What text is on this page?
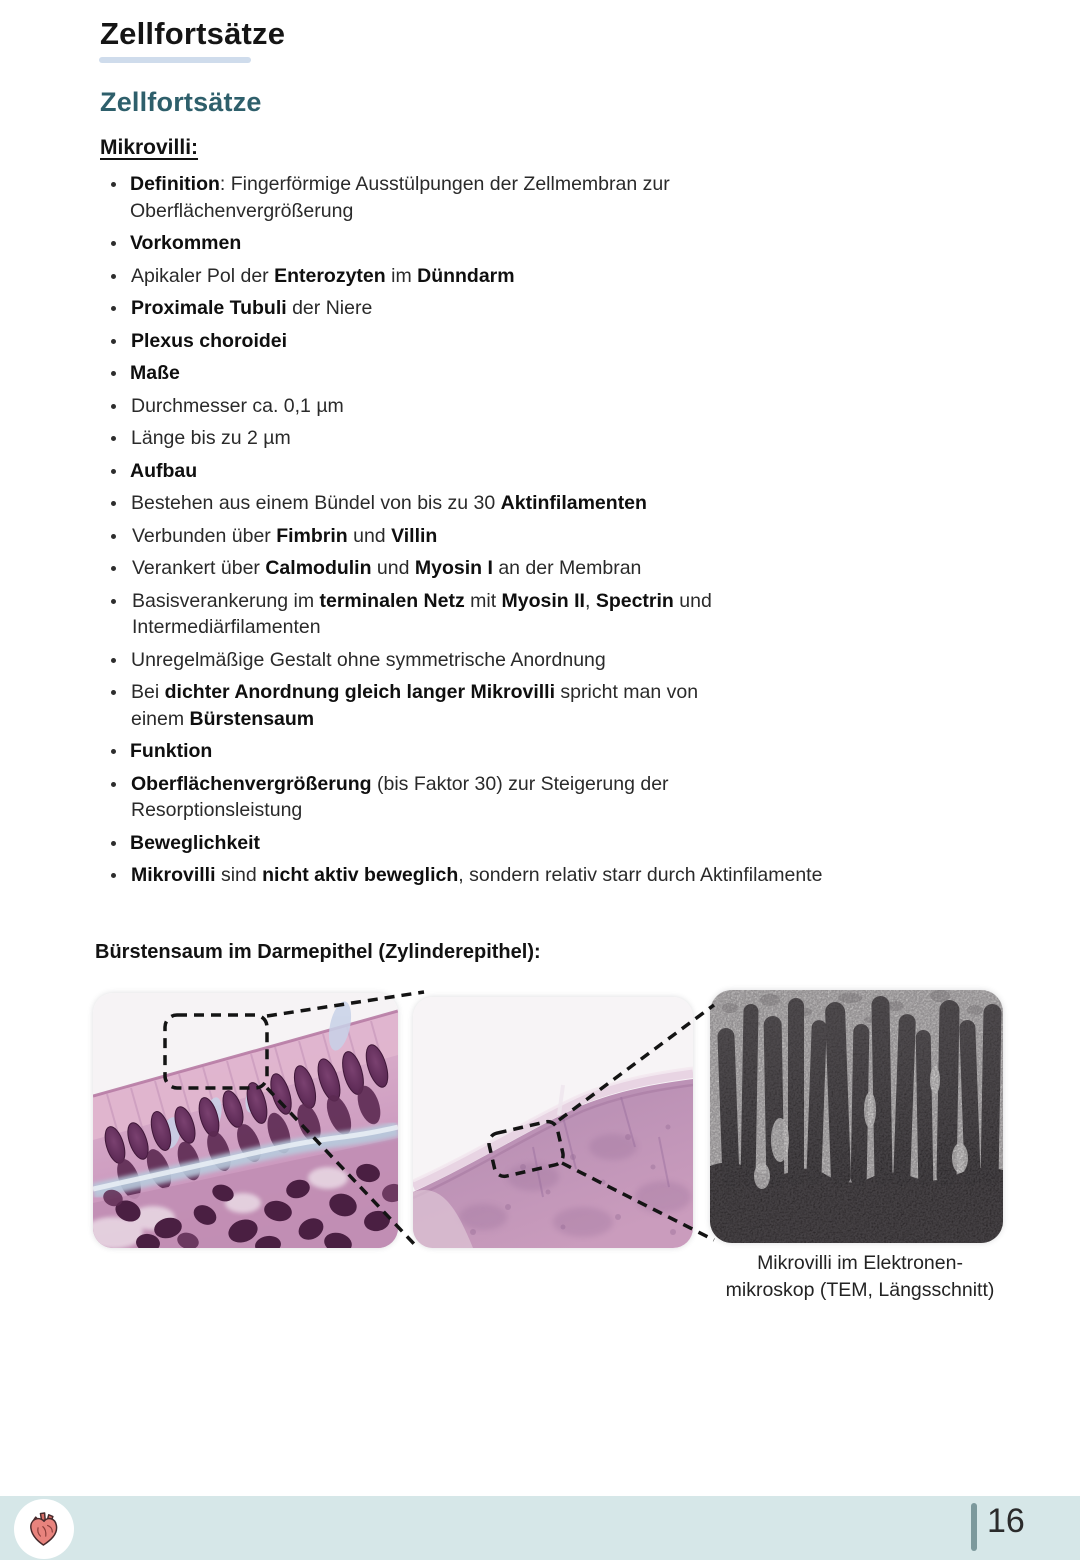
Zellfortsätze
Zellfortsätze
Mikrovilli:
Definition: Fingerförmige Ausstülpungen der Zellmembran zur
Oberflächenvergrößerung
Vorkommen
Apikaler Pol der Enterozyten im Dünndarm
Proximale Tubuli der Niere
Plexus choroidei
Maße
Durchmesser ca. 0,1 µm
Länge bis zu 2 µm
Aufbau
Bestehen aus einem Bündel von bis zu 30 Aktinfilamenten
Verbunden über Fimbrin und Villin
Verankert über Calmodulin und Myosin I an der Membran
Basisverankerung im terminalen Netz mit Myosin II, Spectrin und
Intermediärfilamenten
Unregelmäßige Gestalt ohne symmetrische Anordnung
Bei dichter Anordnung gleich langer Mikrovilli spricht man von
einem Bürstensaum
Funktion
Oberflächenvergrößerung (bis Faktor 30) zur Steigerung der
Resorptionsleistung
Beweglichkeit
Mikrovilli sind nicht aktiv beweglich, sondern relativ starr durch Aktinfilamente
Bürstensaum im Darmepithel (Zylinderepithel):
Mikrovilli im Elektronen-
mikroskop (TEM, Längsschnitt)
16
